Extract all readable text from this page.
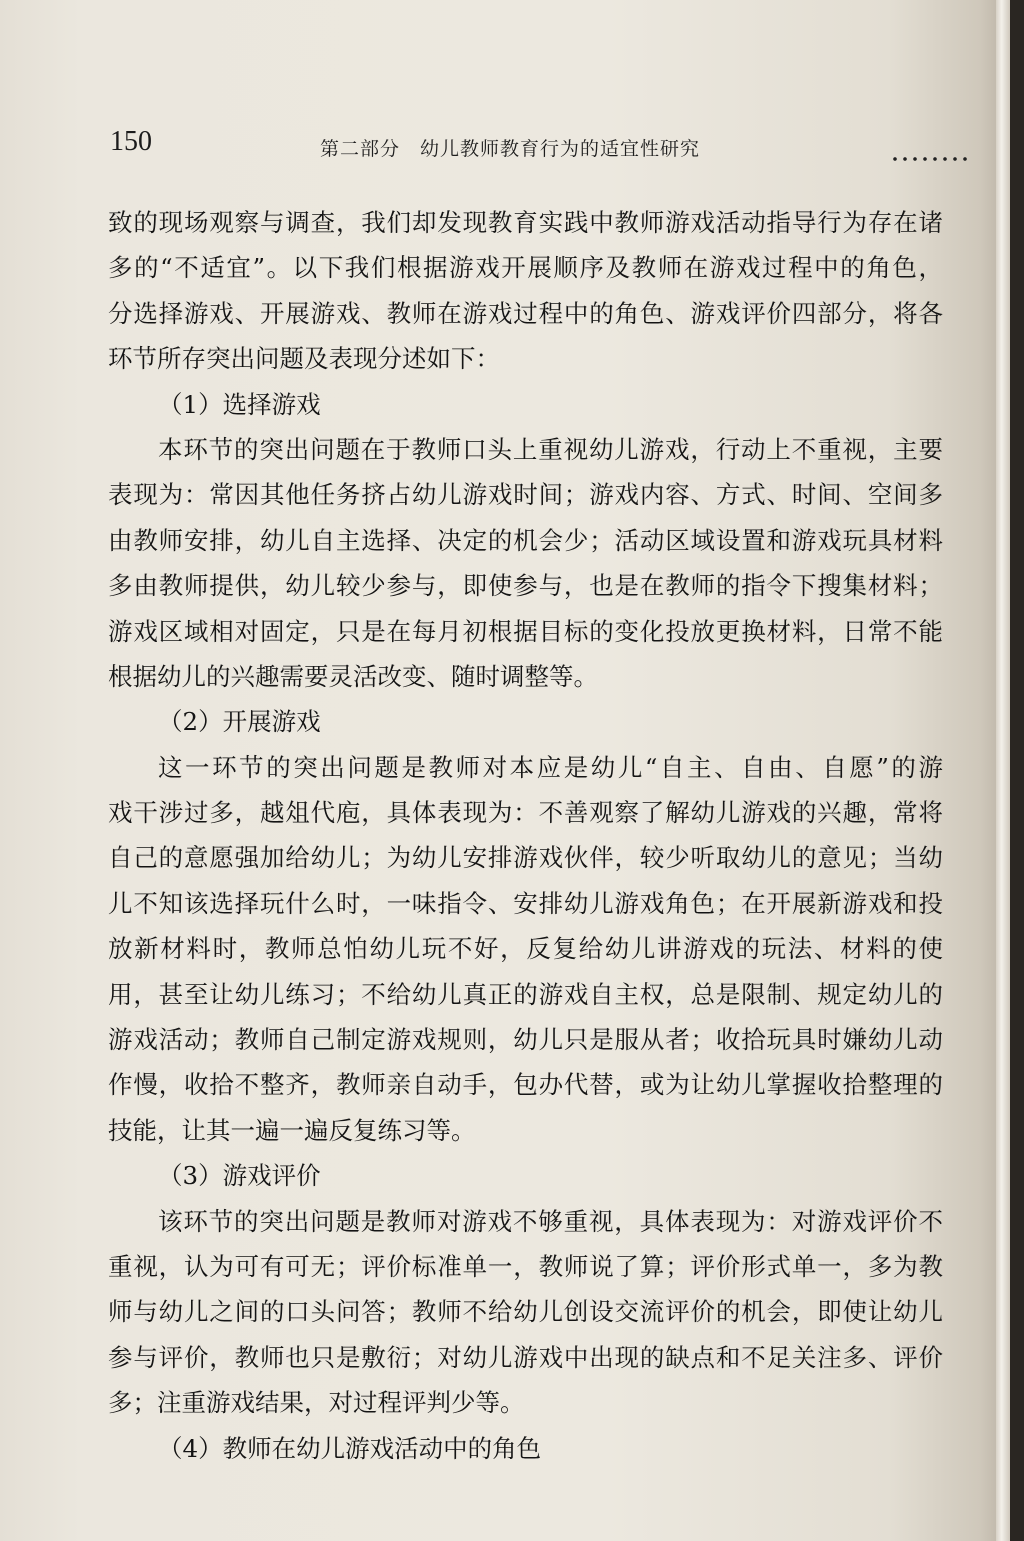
150	第二部分　幼儿教师教育行为的适宜性研究
致的现场观察与调查，我们却发现教育实践中教师游戏活动指导行为存在诸
多的“不适宜”。以下我们根据游戏开展顺序及教师在游戏过程中的角色，
分选择游戏、开展游戏、教师在游戏过程中的角色、游戏评价四部分，将各
环节所存突出问题及表现分述如下：
（1）选择游戏
本环节的突出问题在于教师口头上重视幼儿游戏，行动上不重视，主要
表现为：常因其他任务挤占幼儿游戏时间；游戏内容、方式、时间、空间多
由教师安排，幼儿自主选择、决定的机会少；活动区域设置和游戏玩具材料
多由教师提供，幼儿较少参与，即使参与，也是在教师的指令下搜集材料；
游戏区域相对固定，只是在每月初根据目标的变化投放更换材料，日常不能
根据幼儿的兴趣需要灵活改变、随时调整等。
（2）开展游戏
这一环节的突出问题是教师对本应是幼儿“自主、自由、自愿”的游
戏干涉过多，越俎代庖，具体表现为：不善观察了解幼儿游戏的兴趣，常将
自己的意愿强加给幼儿；为幼儿安排游戏伙伴，较少听取幼儿的意见；当幼
儿不知该选择玩什么时，一味指令、安排幼儿游戏角色；在开展新游戏和投
放新材料时，教师总怕幼儿玩不好，反复给幼儿讲游戏的玩法、材料的使
用，甚至让幼儿练习；不给幼儿真正的游戏自主权，总是限制、规定幼儿的
游戏活动；教师自己制定游戏规则，幼儿只是服从者；收拾玩具时嫌幼儿动
作慢，收拾不整齐，教师亲自动手，包办代替，或为让幼儿掌握收拾整理的
技能，让其一遍一遍反复练习等。
（3）游戏评价
该环节的突出问题是教师对游戏不够重视，具体表现为：对游戏评价不
重视，认为可有可无；评价标准单一，教师说了算；评价形式单一，多为教
师与幼儿之间的口头问答；教师不给幼儿创设交流评价的机会，即使让幼儿
参与评价，教师也只是敷衍；对幼儿游戏中出现的缺点和不足关注多、评价
多；注重游戏结果，对过程评判少等。
（4）教师在幼儿游戏活动中的角色
